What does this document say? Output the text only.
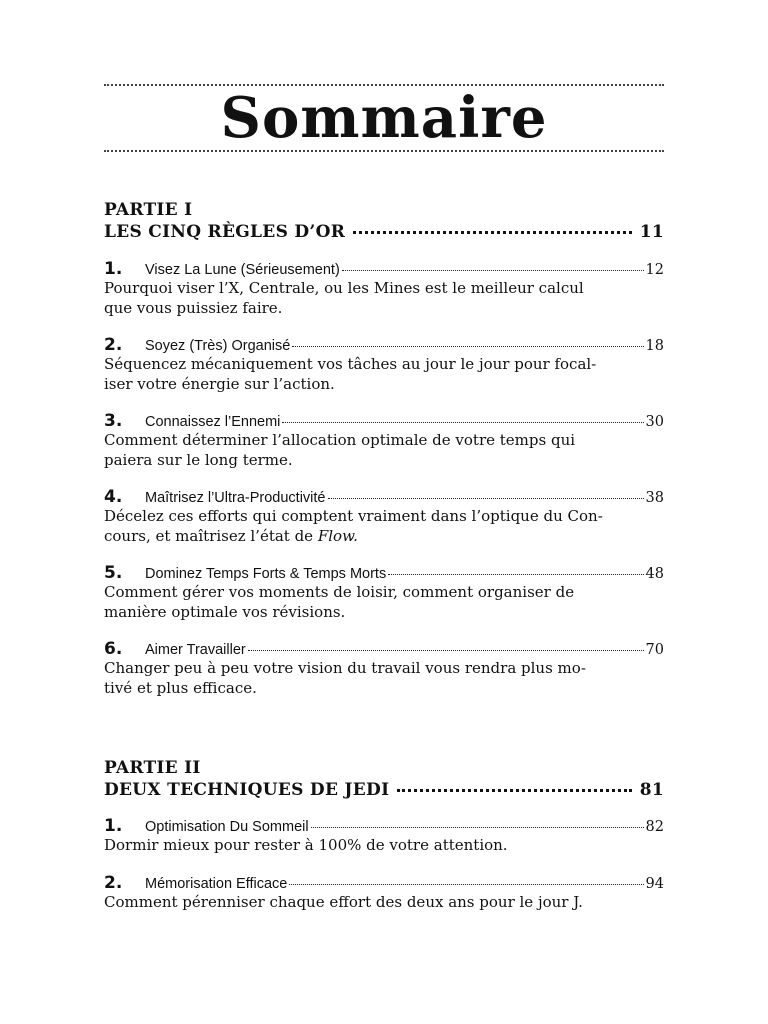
Sommaire
PARTIE I
LES CINQ RÈGLES D’OR	11
1.	Visez La Lune (Sérieusement)	12
Pourquoi viser l’X, Centrale, ou les Mines est le meilleur calcul
que vous puissiez faire.
2.	Soyez (Très) Organisé	18
Séquencez mécaniquement vos tâches au jour le jour pour focal-
iser votre énergie sur l’action.
3.	Connaissez l’Ennemi	30
Comment déterminer l’allocation optimale de votre temps qui
paiera sur le long terme.
4.	Maîtrisez l’Ultra-Productivité	38
Décelez ces efforts qui comptent vraiment dans l’optique du Con-
cours, et maîtrisez l’état de Flow.
5.	Dominez Temps Forts & Temps Morts	48
Comment gérer vos moments de loisir, comment organiser de
manière optimale vos révisions.
6.	Aimer Travailler	70
Changer peu à peu votre vision du travail vous rendra plus mo-
tivé et plus efficace.
PARTIE II
DEUX TECHNIQUES DE JEDI	81
1.	Optimisation Du Sommeil	82
Dormir mieux pour rester à 100% de votre attention.
2.	Mémorisation Efficace	94
Comment pérenniser chaque effort des deux ans pour le jour J.
